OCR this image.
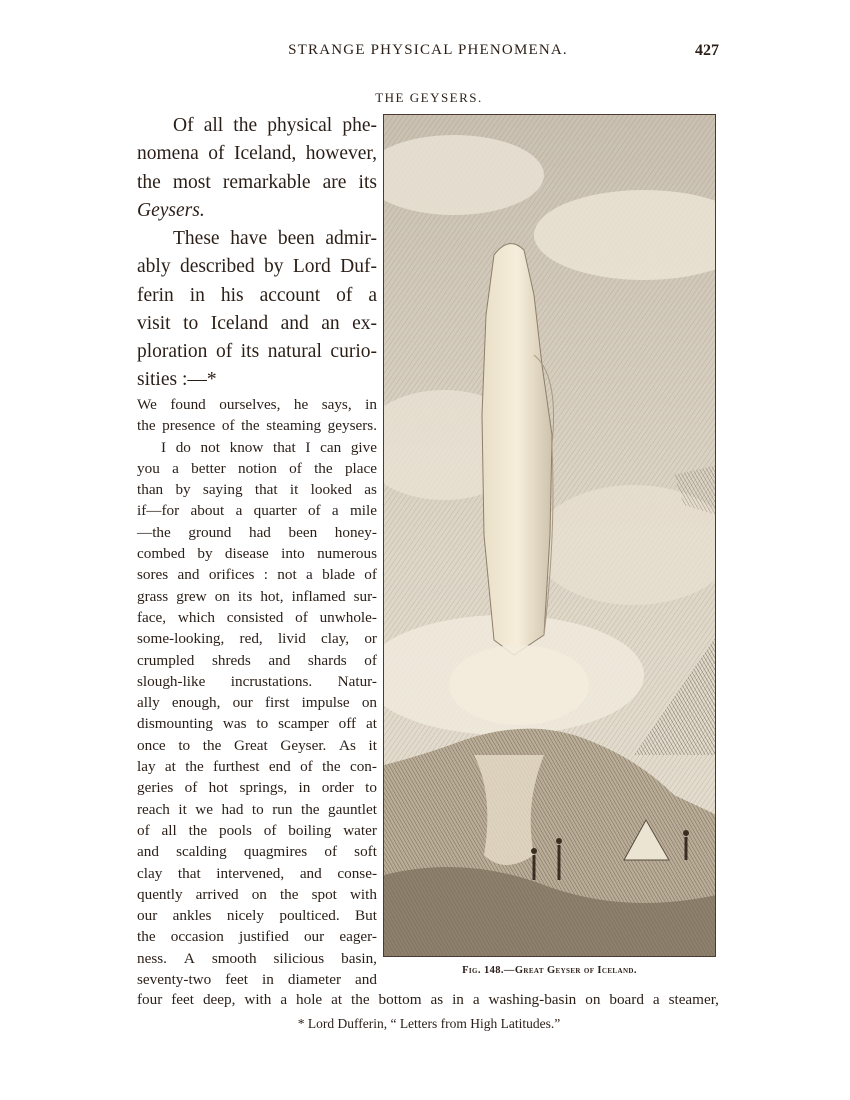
STRANGE PHYSICAL PHENOMENA.	427
THE GEYSERS.
Of all the physical phe-
nomena of Iceland, however,
the most remarkable are its
Geysers.
These have been admir-
ably described by Lord Duf-
ferin in his account of a
visit to Iceland and an ex-
ploration of its natural curio-
sities :—*
We found ourselves, he says, in
the presence of the steaming geysers.
I do not know that I can give
you a better notion of the place
than by saying that it looked as
if—for about a quarter of a mile
—the ground had been honey-
combed by disease into numerous
sores and orifices : not a blade of
grass grew on its hot, inflamed sur-
face, which consisted of unwhole-
some-looking, red, livid clay, or
crumpled shreds and shards of
slough-like incrustations. Natur-
ally enough, our first impulse on
dismounting was to scamper off at
once to the Great Geyser. As it
lay at the furthest end of the con-
geries of hot springs, in order to
reach it we had to run the gauntlet
of all the pools of boiling water
and scalding quagmires of soft
clay that intervened, and conse-
quently arrived on the spot with
our ankles nicely poulticed. But
the occasion justified our eager-
ness. A smooth silicious basin,
seventy-two feet in diameter and
Fig. 148.—Great Geyser of Iceland.
four feet deep, with a hole at the bottom as in a washing-basin on board a steamer,
* Lord Dufferin, “ Letters from High Latitudes.”
